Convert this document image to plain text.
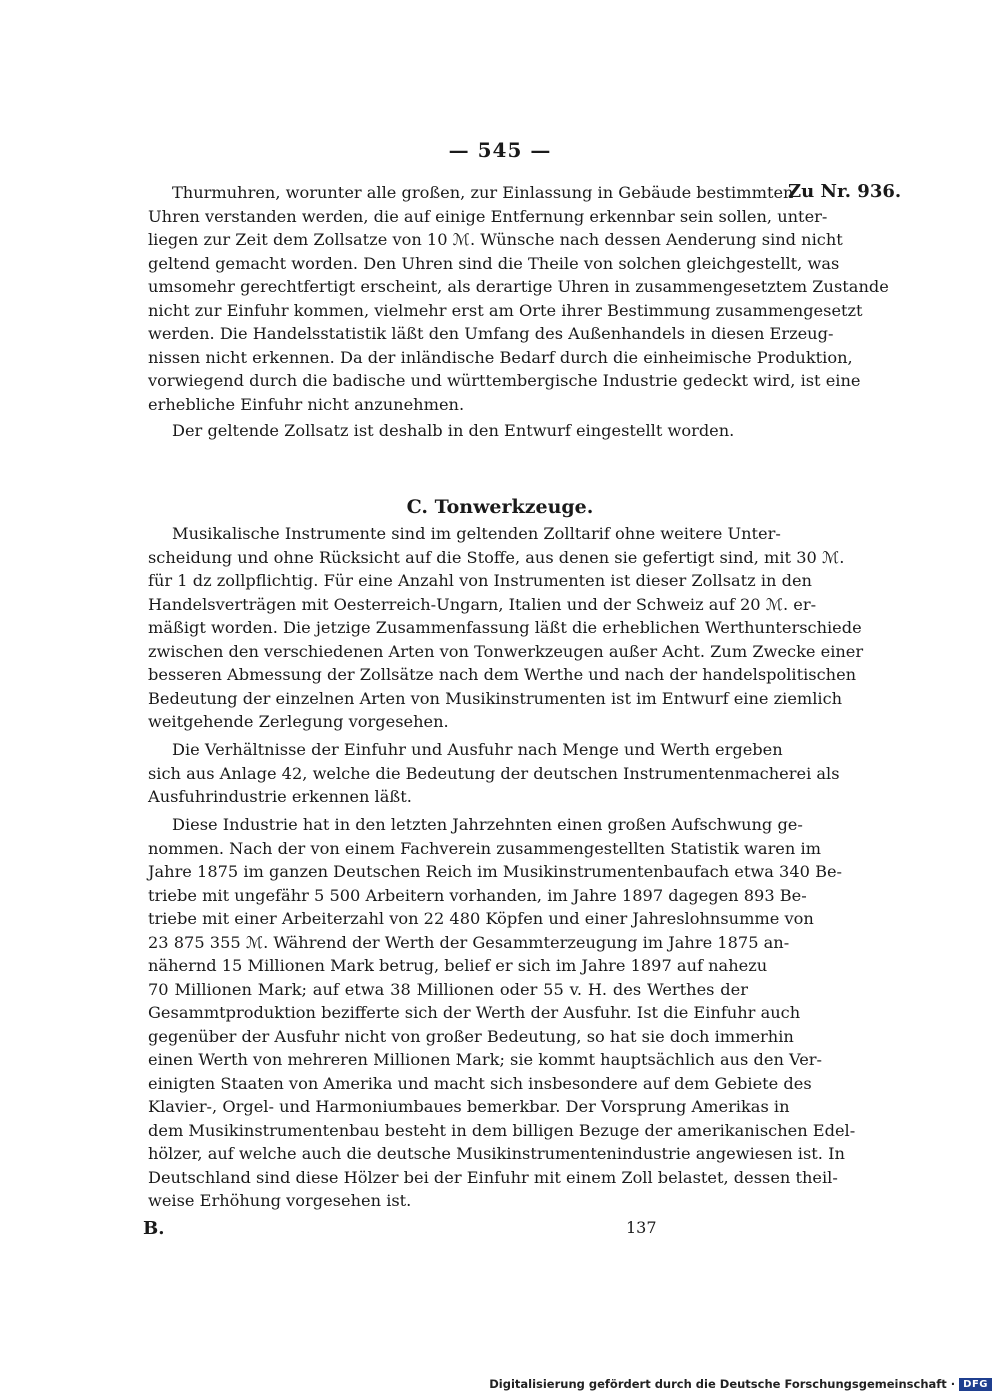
— 545 —
Zu Nr. 936.
Thurmuhren, worunter alle großen, zur Einlassung in Gebäude bestimmten
Uhren verstanden werden, die auf einige Entfernung erkennbar sein sollen, unter-
liegen zur Zeit dem Zollsatze von 10 ℳ. Wünsche nach dessen Aenderung sind nicht
geltend gemacht worden. Den Uhren sind die Theile von solchen gleichgestellt, was
umsomehr gerechtfertigt erscheint, als derartige Uhren in zusammengesetztem Zustande
nicht zur Einfuhr kommen, vielmehr erst am Orte ihrer Bestimmung zusammengesetzt
werden. Die Handelsstatistik läßt den Umfang des Außenhandels in diesen Erzeug-
nissen nicht erkennen. Da der inländische Bedarf durch die einheimische Produktion,
vorwiegend durch die badische und württembergische Industrie gedeckt wird, ist eine
erhebliche Einfuhr nicht anzunehmen.
Der geltende Zollsatz ist deshalb in den Entwurf eingestellt worden.
C. Tonwerkzeuge.
Musikalische Instrumente sind im geltenden Zolltarif ohne weitere Unter-
scheidung und ohne Rücksicht auf die Stoffe, aus denen sie gefertigt sind, mit 30 ℳ.
für 1 dz zollpflichtig. Für eine Anzahl von Instrumenten ist dieser Zollsatz in den
Handelsverträgen mit Oesterreich-Ungarn, Italien und der Schweiz auf 20 ℳ. er-
mäßigt worden. Die jetzige Zusammenfassung läßt die erheblichen Werthunterschiede
zwischen den verschiedenen Arten von Tonwerkzeugen außer Acht. Zum Zwecke einer
besseren Abmessung der Zollsätze nach dem Werthe und nach der handelspolitischen
Bedeutung der einzelnen Arten von Musikinstrumenten ist im Entwurf eine ziemlich
weitgehende Zerlegung vorgesehen.
Die Verhältnisse der Einfuhr und Ausfuhr nach Menge und Werth ergeben
sich aus Anlage 42, welche die Bedeutung der deutschen Instrumentenmacherei als
Ausfuhrindustrie erkennen läßt.
Diese Industrie hat in den letzten Jahrzehnten einen großen Aufschwung ge-
nommen. Nach der von einem Fachverein zusammengestellten Statistik waren im
Jahre 1875 im ganzen Deutschen Reich im Musikinstrumentenbaufach etwa 340 Be-
triebe mit ungefähr 5 500 Arbeitern vorhanden, im Jahre 1897 dagegen 893 Be-
triebe mit einer Arbeiterzahl von 22 480 Köpfen und einer Jahreslohnsumme von
23 875 355 ℳ. Während der Werth der Gesammterzeugung im Jahre 1875 an-
nähernd 15 Millionen Mark betrug, belief er sich im Jahre 1897 auf nahezu
70 Millionen Mark; auf etwa 38 Millionen oder 55 v. H. des Werthes der
Gesammtproduktion bezifferte sich der Werth der Ausfuhr. Ist die Einfuhr auch
gegenüber der Ausfuhr nicht von großer Bedeutung, so hat sie doch immerhin
einen Werth von mehreren Millionen Mark; sie kommt hauptsächlich aus den Ver-
einigten Staaten von Amerika und macht sich insbesondere auf dem Gebiete des
Klavier-, Orgel- und Harmoniumbaues bemerkbar. Der Vorsprung Amerikas in
dem Musikinstrumentenbau besteht in dem billigen Bezuge der amerikanischen Edel-
hölzer, auf welche auch die deutsche Musikinstrumentenindustrie angewiesen ist. In
Deutschland sind diese Hölzer bei der Einfuhr mit einem Zoll belastet, dessen theil-
weise Erhöhung vorgesehen ist.
B.	137
Digitalisierung gefördert durch die Deutsche Forschungsgemeinschaft · DFG
